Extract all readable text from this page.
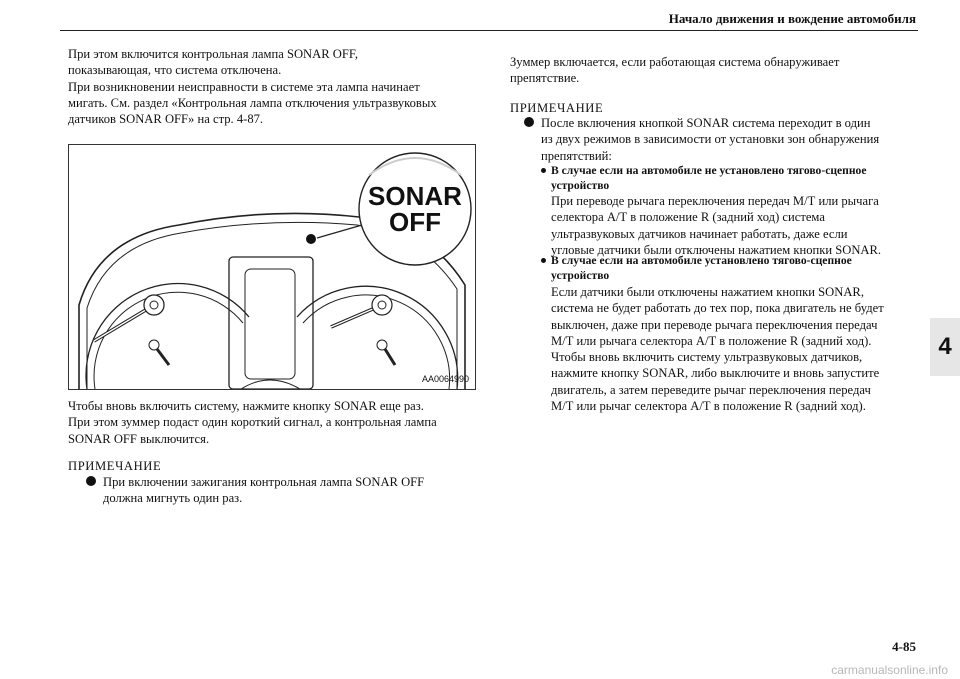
Начало движения и вождение автомобиля
4
При этом включится контрольная лампа SONAR OFF,
показывающая, что система отключена.
При возникновении неисправности в системе эта лампа начинает
мигать. См. раздел «Контрольная лампа отключения ультразвуковых
датчиков SONAR OFF» на стр. 4-87.
SONAR
OFF
AA0064990
Чтобы вновь включить систему, нажмите кнопку SONAR еще раз.
При этом зуммер подаст один короткий сигнал, а контрольная лампа
SONAR OFF выключится.
ПРИМЕЧАНИЕ
При включении зажигания контрольная лампа SONAR OFF
должна мигнуть один раз.
Зуммер включается, если работающая система обнаруживает
препятствие.
ПРИМЕЧАНИЕ
После включения кнопкой SONAR система переходит в один
из двух режимов в зависимости от установки зон обнаружения
препятствий:
В случае если на автомобиле не установлено тягово-сцепное
устройство
При переводе рычага переключения передач М/Т или рычага
селектора А/Т в положение R (задний ход) система
ультразвуковых датчиков начинает работать, даже если
угловые датчики были отключены нажатием кнопки SONAR.
В случае если на автомобиле установлено тягово-сцепное
устройство
Если датчики были отключены нажатием кнопки SONAR,
система не будет работать до тех пор, пока двигатель не будет
выключен, даже при переводе рычага переключения передач
М/Т или рычага селектора А/Т в положение R (задний ход).
Чтобы вновь включить систему ультразвуковых датчиков,
нажмите кнопку SONAR, либо выключите и вновь запустите
двигатель, а затем переведите рычаг переключения передач
М/Т или рычаг селектора А/Т в положение R (задний ход).
4-85
carmanualsonline.info
